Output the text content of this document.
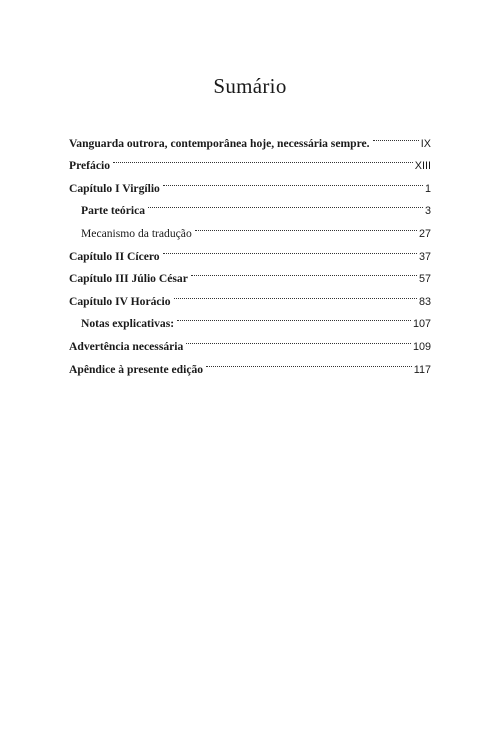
Sumário
Vanguarda outrora, contemporânea hoje, necessária sempre.	IX
Prefácio	XIII
Capítulo I Virgílio	1
Parte teórica	3
Mecanismo da tradução	27
Capítulo II Cícero	37
Capítulo III Júlio César	57
Capítulo IV Horácio	83
Notas explicativas:	107
Advertência necessária	109
Apêndice à presente edição	117
